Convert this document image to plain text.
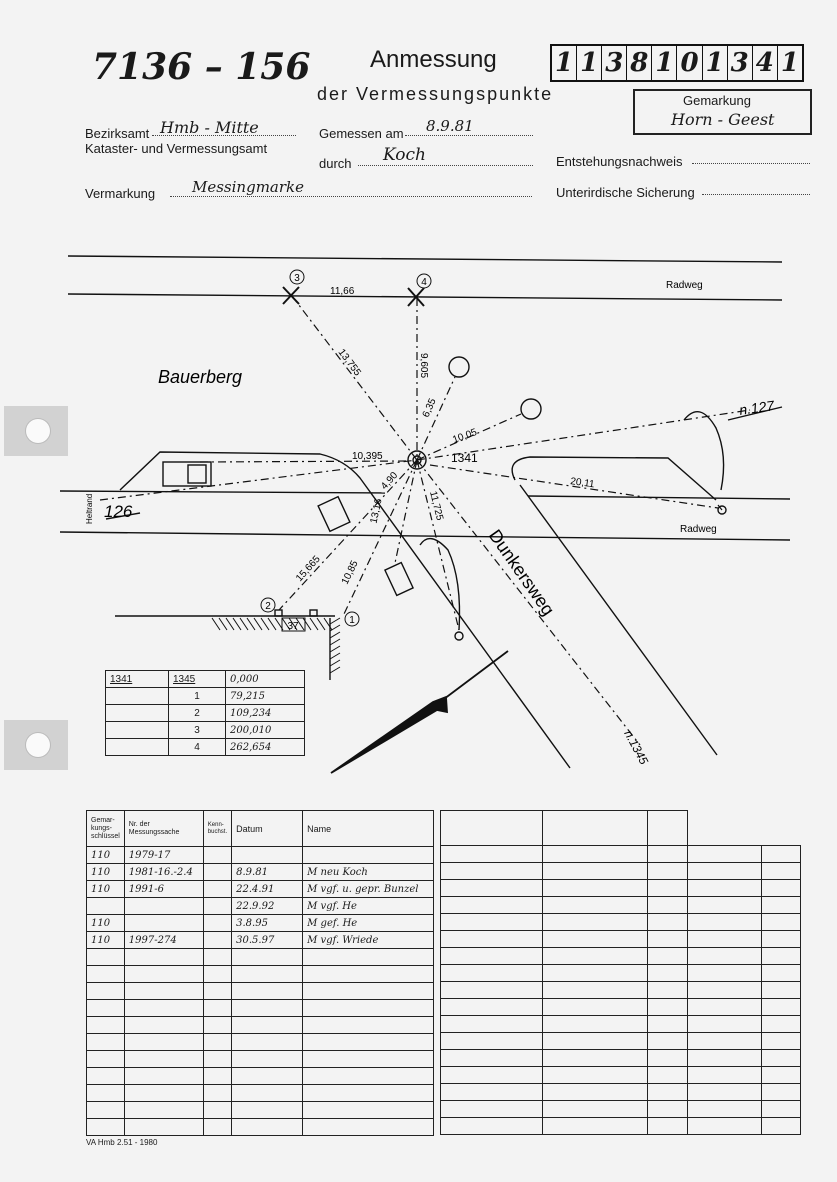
7136 – 156 Anmessung
der Vermessungspunkte
1 1 3 8 1 0 1 3 4 1
Gemarkung
Horn - Geest
Bezirksamt Hmb - Mitte
Kataster- und Vermessungsamt
Gemessen am 8.9.81
durch Koch	Entstehungsnachweis
Vermarkung Messingmarke	Unterirdische Sicherung
3	4
2
1
37
Bauerberg
Dunkersweg
Radweg
Radweg
Heltrand 126
n.127
n.1345
1341
11,66
13,755	9,605
6,35
10,05
10,395
4,90	20,11
13,16	11,725
15,665 10,85
1341	1345	0,000
	1	79,215
	2	109,234
	3	200,010
	4	262,654
Gemar-kungs-schlüssel	Nr. der Messungssache	Kenn-buchst.	Datum	Name
110	1979-17			
110	1981-16.-2.4		8.9.81	M neu Koch
110	1991-6		22.4.91	M vgf. u. gepr. Bunzel
			22.9.92	M vgf. He
110			3.8.95	M gef. He
110	1997-274		30.5.97	M vgf. Wriede

VA Hmb 2.51 - 1980
